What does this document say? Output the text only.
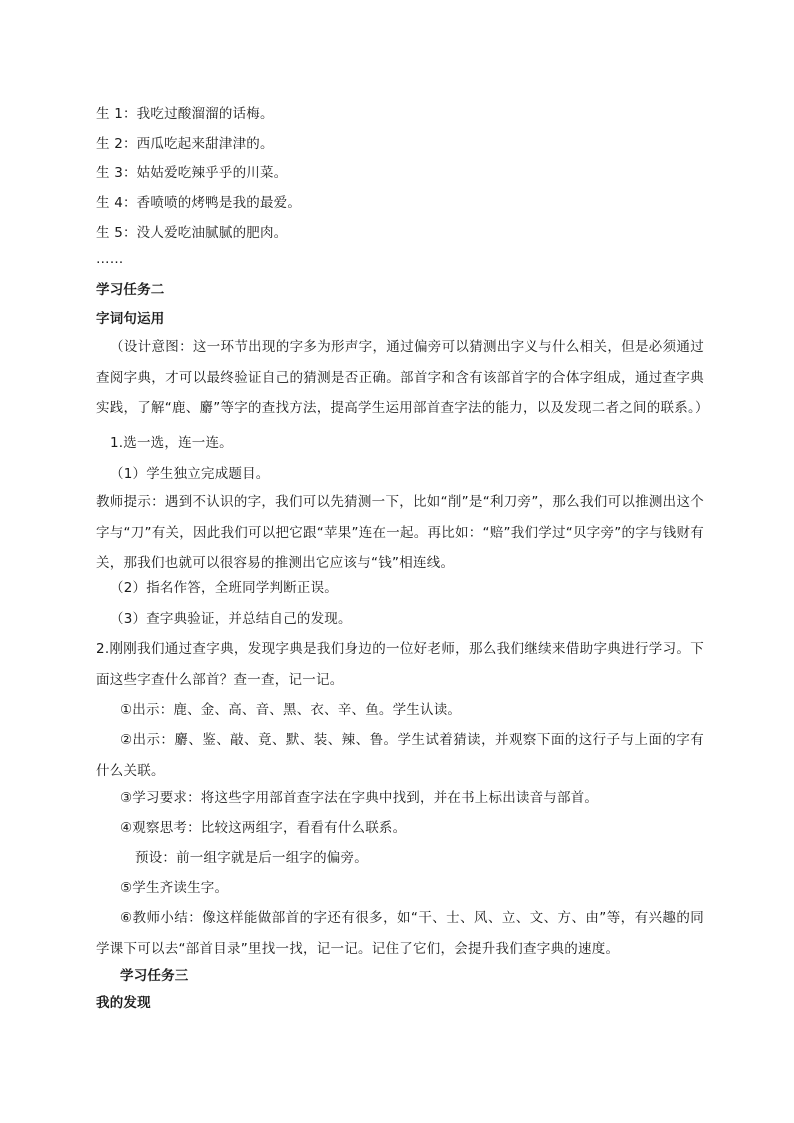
生 1：我吃过酸溜溜的话梅。
生 2：西瓜吃起来甜津津的。
生 3：姑姑爱吃辣乎乎的川菜。
生 4：香喷喷的烤鸭是我的最爱。
生 5：没人爱吃油腻腻的肥肉。
……
学习任务二
字词句运用
（设计意图：这一环节出现的字多为形声字，通过偏旁可以猜测出字义与什么相关，但是必须通过查阅字典，才可以最终验证自己的猜测是否正确。部首字和含有该部首字的合体字组成，通过查字典实践，了解“鹿、麝”等字的查找方法，提高学生运用部首查字法的能力，以及发现二者之间的联系。）
1.选一选，连一连。
（1）学生独立完成题目。
教师提示：遇到不认识的字，我们可以先猜测一下，比如“削”是“利刀旁”，那么我们可以推测出这个字与“刀”有关，因此我们可以把它跟“苹果”连在一起。再比如：“赔”我们学过“贝字旁”的字与钱财有关，那我们也就可以很容易的推测出它应该与“钱”相连线。
（2）指名作答，全班同学判断正误。
（3）查字典验证，并总结自己的发现。
2.刚刚我们通过查字典，发现字典是我们身边的一位好老师，那么我们继续来借助字典进行学习。下面这些字查什么部首？查一查，记一记。
①出示：鹿、金、高、音、黑、衣、辛、鱼。学生认读。
②出示：麝、鉴、敲、竟、默、装、辣、鲁。学生试着猜读，并观察下面的这行子与上面的字有什么关联。
③学习要求：将这些字用部首查字法在字典中找到，并在书上标出读音与部首。
④观察思考：比较这两组字，看看有什么联系。
预设：前一组字就是后一组字的偏旁。
⑤学生齐读生字。
⑥教师小结：像这样能做部首的字还有很多，如“干、士、风、立、文、方、由”等，有兴趣的同学课下可以去“部首目录”里找一找，记一记。记住了它们，会提升我们查字典的速度。
学习任务三
我的发现
